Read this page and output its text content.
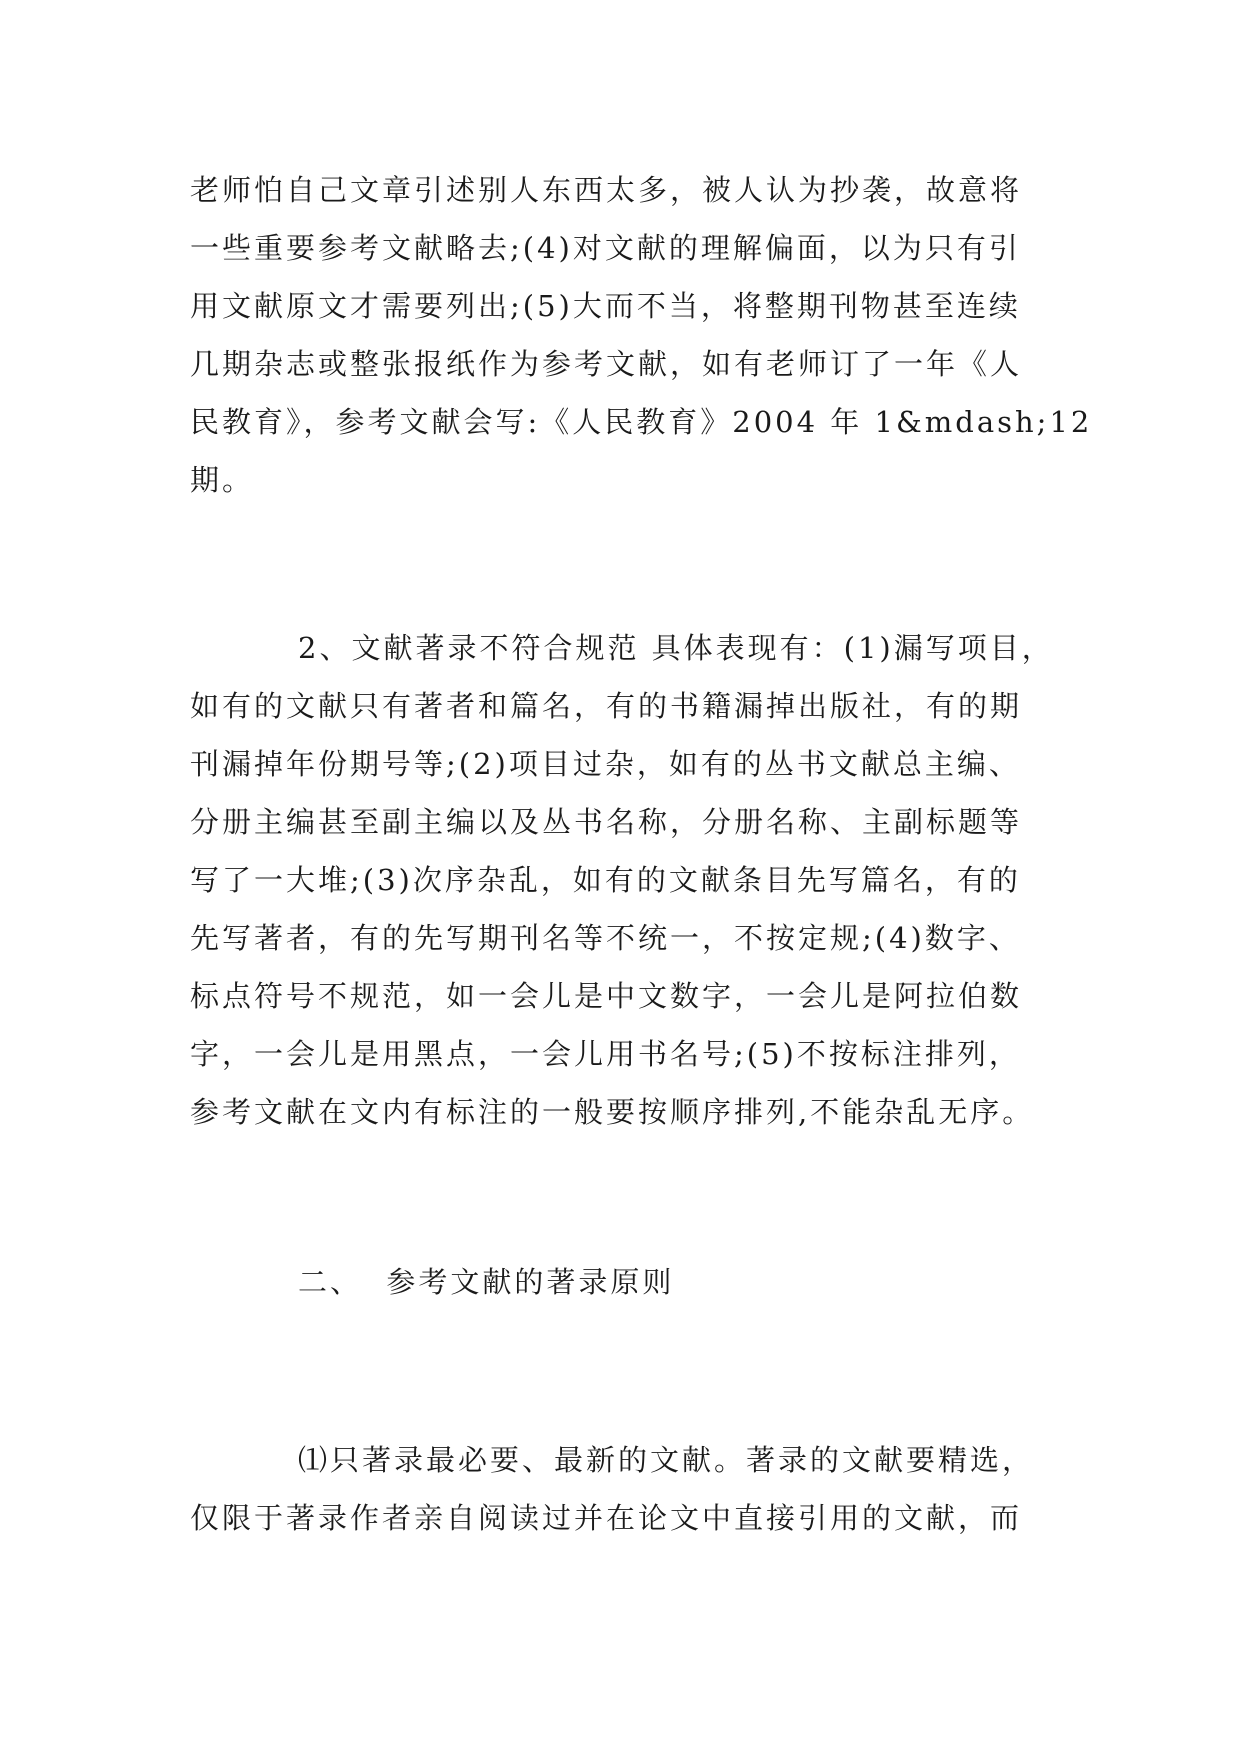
老师怕自己文章引述别人东西太多，被人认为抄袭，故意将

一些重要参考文献略去;(4)对文献的理解偏面，以为只有引

用文献原文才需要列出;(5)大而不当，将整期刊物甚至连续

几期杂志或整张报纸作为参考文献，如有老师订了一年《人

民教育》，参考文献会写:《人民教育》2004 年 1&mdash;12

期。

2、文献著录不符合规范 具体表现有：(1)漏写项目，

如有的文献只有著者和篇名，有的书籍漏掉出版社，有的期

刊漏掉年份期号等;(2)项目过杂，如有的丛书文献总主编、

分册主编甚至副主编以及丛书名称，分册名称、主副标题等

写了一大堆;(3)次序杂乱，如有的文献条目先写篇名，有的

先写著者，有的先写期刊名等不统一，不按定规;(4)数字、

标点符号不规范，如一会儿是中文数字，一会儿是阿拉伯数

字，一会儿是用黑点，一会儿用书名号;(5)不按标注排列，

参考文献在文内有标注的一般要按顺序排列,不能杂乱无序。

二、  参考文献的著录原则

⑴只著录最必要、最新的文献。著录的文献要精选，

仅限于著录作者亲自阅读过并在论文中直接引用的文献，而
